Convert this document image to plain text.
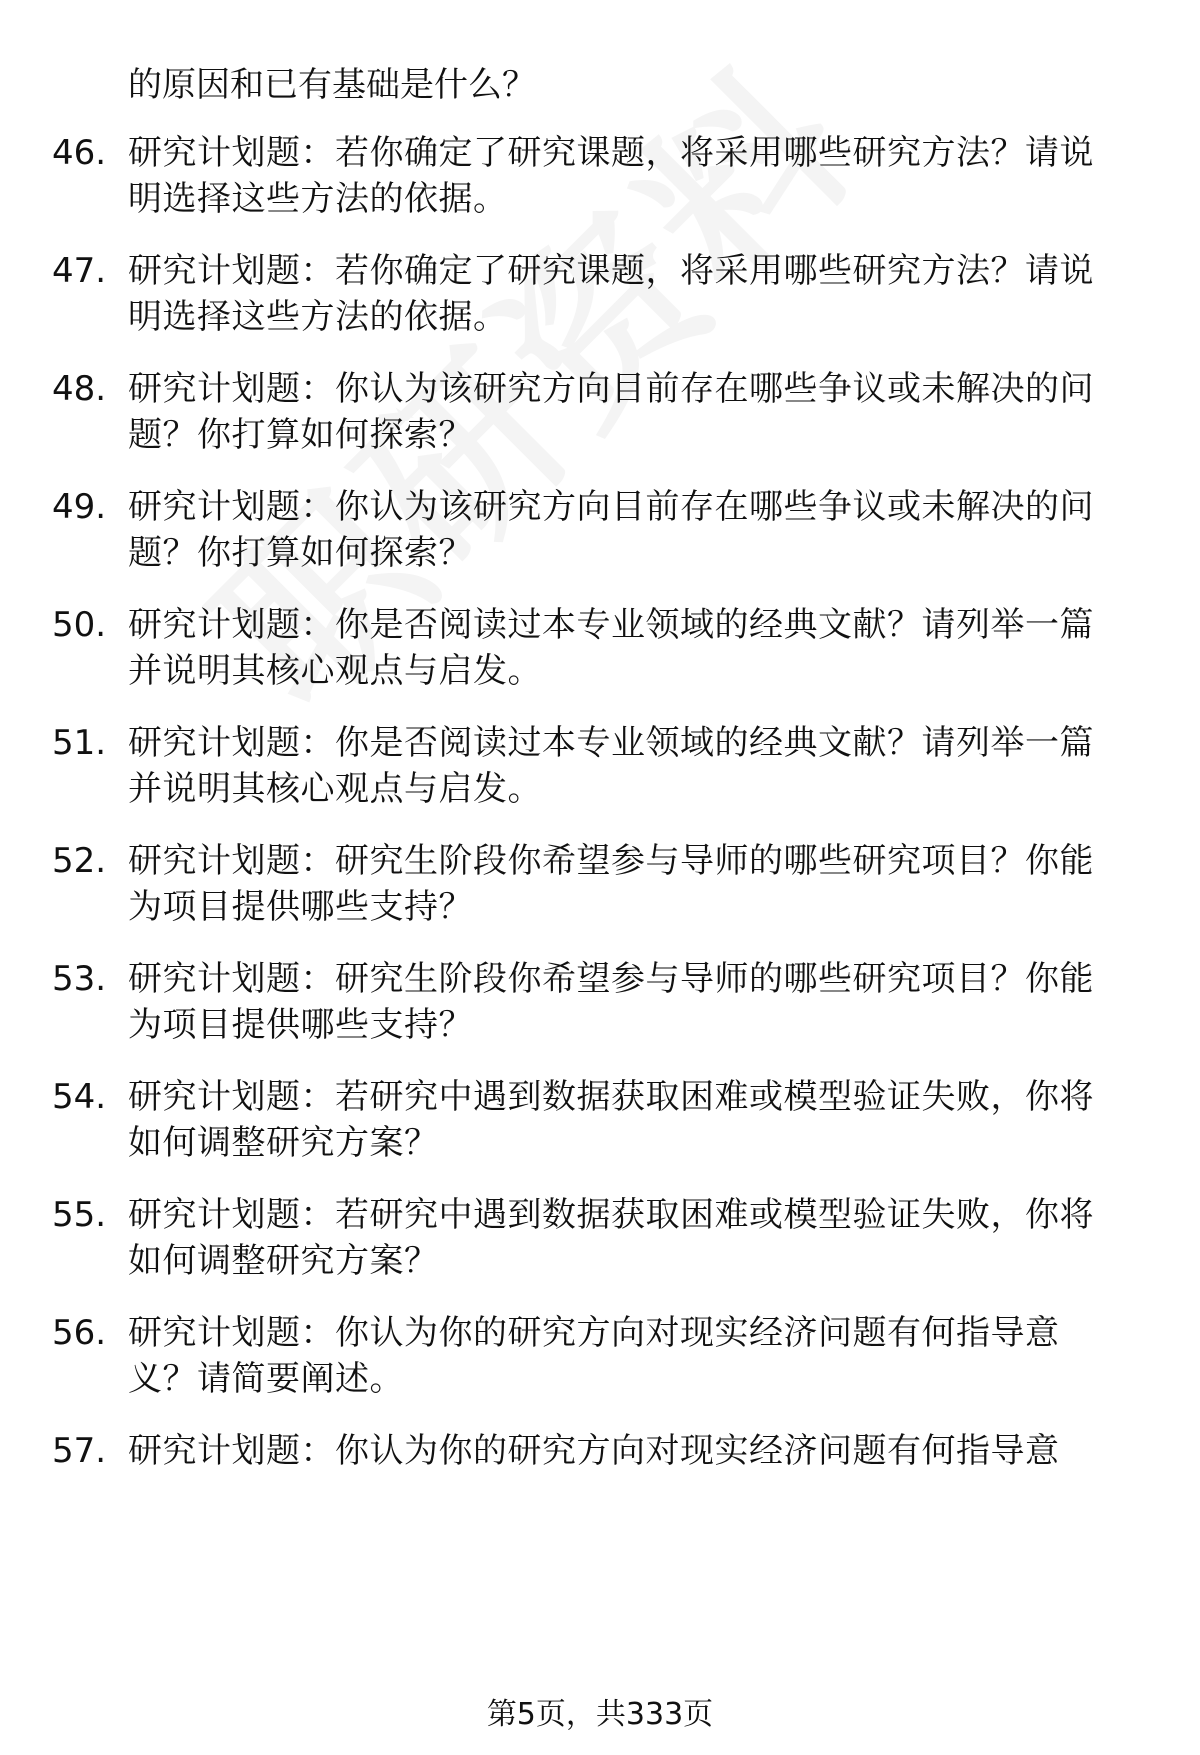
的原因和已有基础是什么？
46. 研究计划题：若你确定了研究课题，将采用哪些研究方法？请说
明选择这些方法的依据。
47. 研究计划题：若你确定了研究课题，将采用哪些研究方法？请说
明选择这些方法的依据。
48. 研究计划题：你认为该研究方向目前存在哪些争议或未解决的问
题？你打算如何探索？
49. 研究计划题：你认为该研究方向目前存在哪些争议或未解决的问
题？你打算如何探索？
50. 研究计划题：你是否阅读过本专业领域的经典文献？请列举一篇
并说明其核心观点与启发。
51. 研究计划题：你是否阅读过本专业领域的经典文献？请列举一篇
并说明其核心观点与启发。
52. 研究计划题：研究生阶段你希望参与导师的哪些研究项目？你能
为项目提供哪些支持？
53. 研究计划题：研究生阶段你希望参与导师的哪些研究项目？你能
为项目提供哪些支持？
54. 研究计划题：若研究中遇到数据获取困难或模型验证失败，你将
如何调整研究方案？
55. 研究计划题：若研究中遇到数据获取困难或模型验证失败，你将
如何调整研究方案？
56. 研究计划题：你认为你的研究方向对现实经济问题有何指导意
义？请简要阐述。
57. 研究计划题：你认为你的研究方向对现实经济问题有何指导意
第5页，共333页
